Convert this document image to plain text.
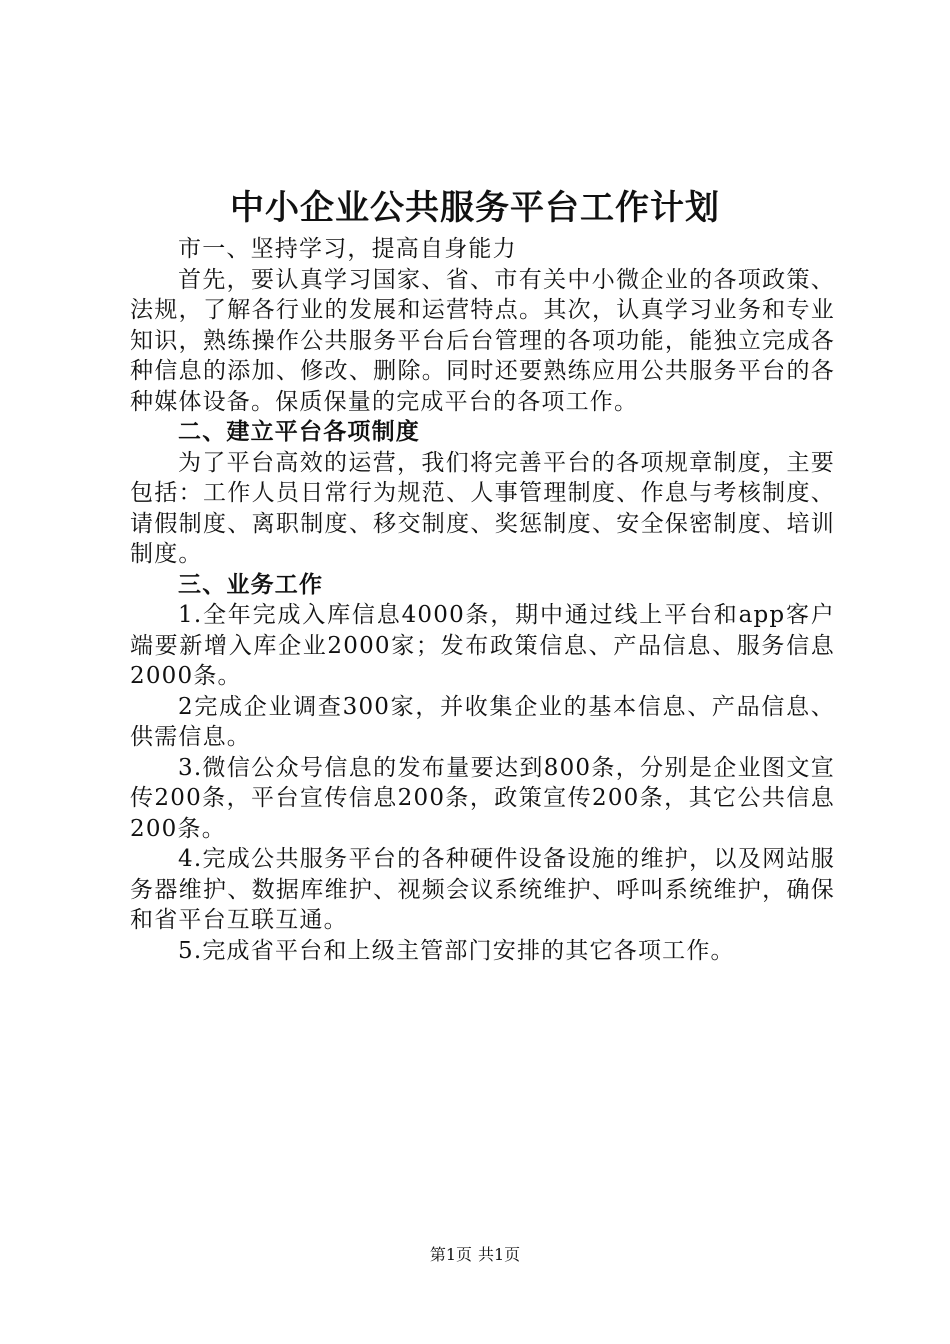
中小企业公共服务平台工作计划

市一、坚持学习，提高自身能力

首先，要认真学习国家、省、市有关中小微企业的各项政策、法规，了解各行业的发展和运营特点。其次，认真学习业务和专业知识，熟练操作公共服务平台后台管理的各项功能，能独立完成各种信息的添加、修改、删除。同时还要熟练应用公共服务平台的各种媒体设备。保质保量的完成平台的各项工作。

二、建立平台各项制度

为了平台高效的运营，我们将完善平台的各项规章制度，主要包括：工作人员日常行为规范、人事管理制度、作息与考核制度、请假制度、离职制度、移交制度、奖惩制度、安全保密制度、培训制度。

三、业务工作

1.全年完成入库信息4000条，期中通过线上平台和app客户端要新增入库企业2000家；发布政策信息、产品信息、服务信息2000条。

2完成企业调查300家，并收集企业的基本信息、产品信息、供需信息。

3.微信公众号信息的发布量要达到800条，分别是企业图文宣传200条，平台宣传信息200条，政策宣传200条，其它公共信息200条。

4.完成公共服务平台的各种硬件设备设施的维护，以及网站服务器维护、数据库维护、视频会议系统维护、呼叫系统维护，确保和省平台互联互通。

5.完成省平台和上级主管部门安排的其它各项工作。

第1页 共1页
